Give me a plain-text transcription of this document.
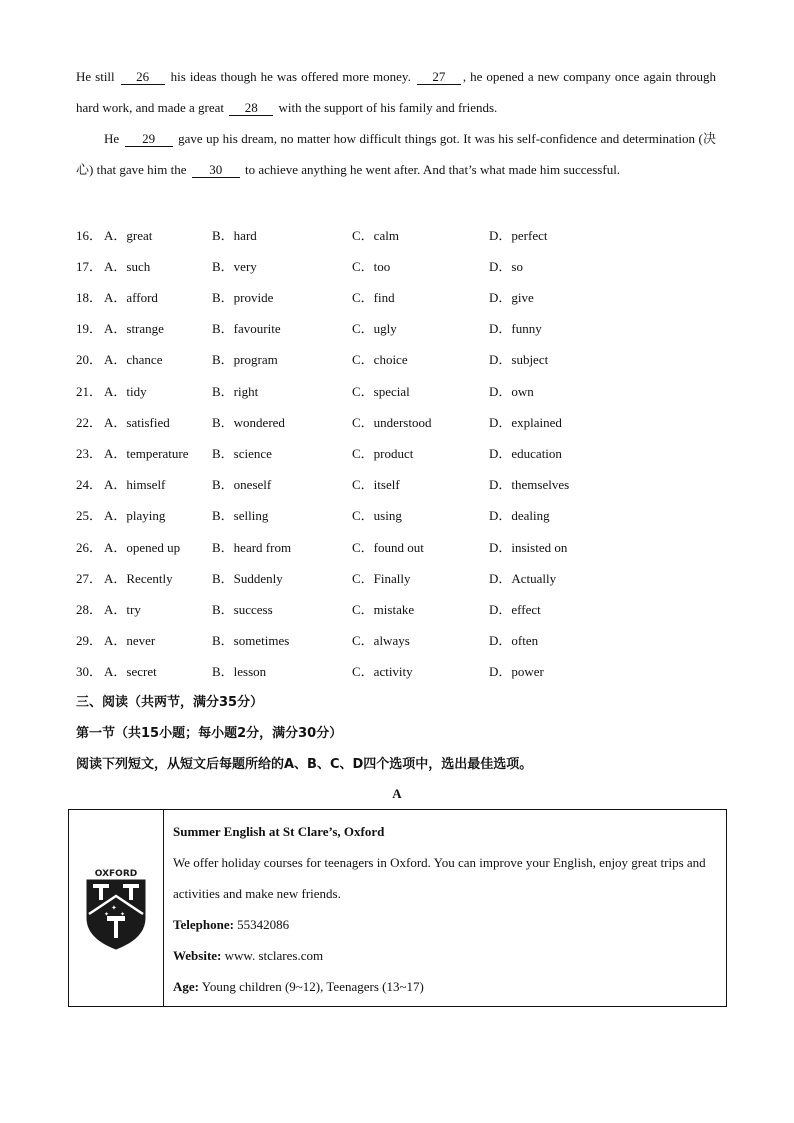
He still 26 his ideas though he was offered more money. 27 , he opened a new company once again through hard work, and made a great 28 with the support of his family and friends.
He 29 gave up his dream, no matter how difficult things got. It was his self-confidence and determination (决心) that gave him the 30 to achieve anything he went after. And that’s what made him successful.
16． A．great	B．hard	C．calm	D．perfect
17． A．such	B．very	C．too	D．so
18． A．afford	B．provide	C．find	D．give
19． A．strange	B．favourite	C．ugly	D．funny
20． A．chance	B．program	C．choice	D．subject
21． A．tidy	B．right	C．special	D．own
22． A．satisfied	B．wondered	C．understood	D．explained
23． A．temperature B．science	C．product	D．education
24． A．himself	B．oneself	C．itself	D．themselves
25． A．playing	B．selling	C．using	D．dealing
26． A．opened up B．heard from	C．found out	D．insisted on
27． A．Recently	B．Suddenly	C．Finally	D．Actually
28． A．try	B．success	C．mistake	D．effect
29． A．never	B．sometimes	C．always	D．often
30． A．secret	B．lesson	C．activity	D．power
三、阅读（共两节，满分35分）
第一节（共15小题；每小题2分，满分30分）
阅读下列短文，从短文后每题所给的A、B、C、D四个选项中，选出最佳选项。
A
OXFORD
✦
✦ ✦
Summer English at St Clare’s, Oxford
We offer holiday courses for teenagers in Oxford. You can improve your English, enjoy great trips and activities and make new friends.
Telephone: 55342086
Website: www. stclares.com
Age: Young children (9~12), Teenagers (13~17)
